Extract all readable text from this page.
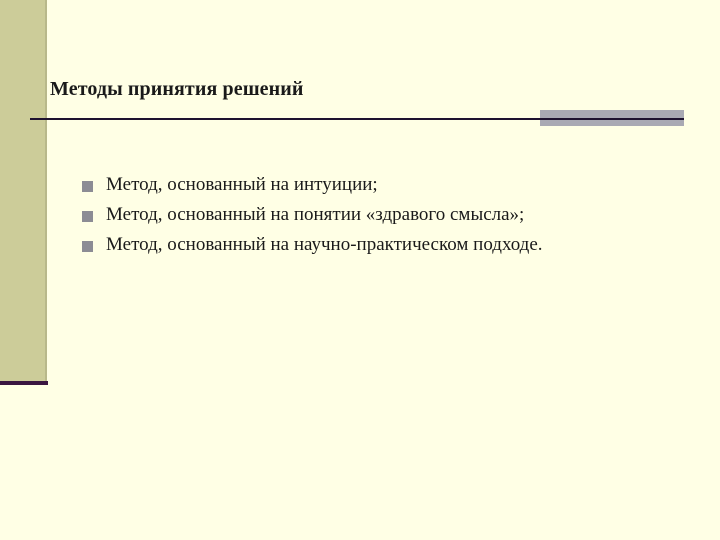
Методы принятия решений
Метод, основанный на интуиции;
Метод, основанный на понятии «здравого смысла»;
Метод, основанный на научно-практическом подходе.
